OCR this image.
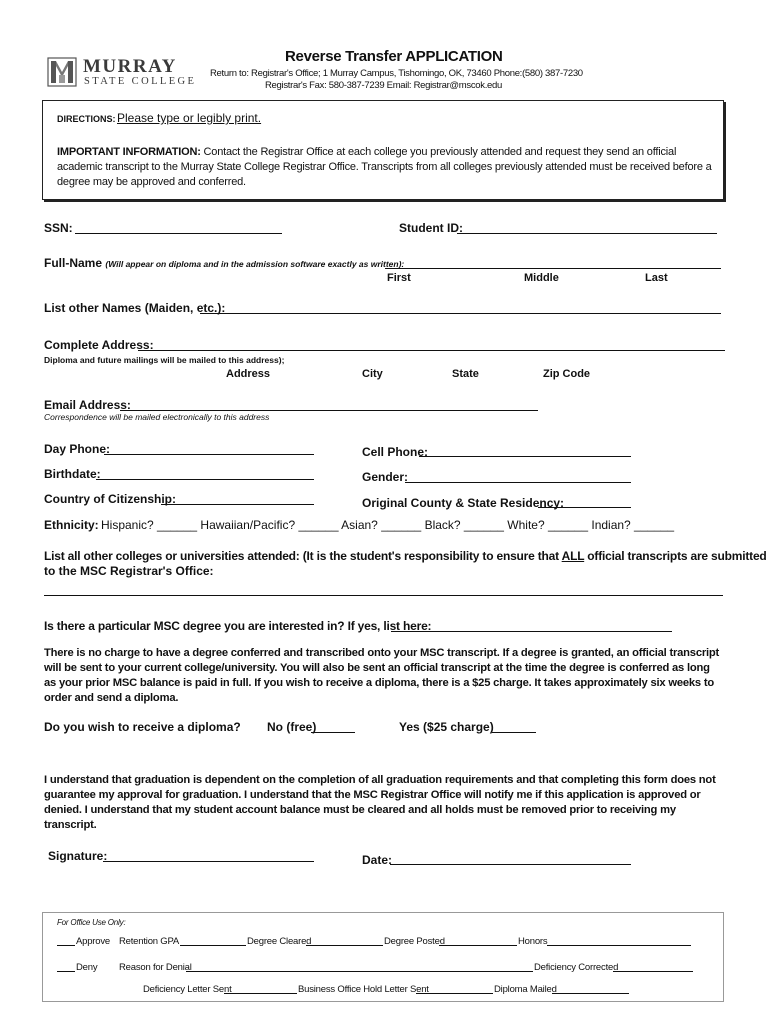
MURRAY
STATE COLLEGE
Reverse Transfer APPLICATION
Return to: Registrar's Office; 1 Murray Campus, Tishomingo, OK, 73460 Phone:(580) 387-7230
Registrar's Fax: 580-387-7239 Email: Registrar@mscok.edu
DIRECTIONS: Please type or legibly print.
IMPORTANT INFORMATION: Contact the Registrar Office at each college you previously attended and request they send an official academic transcript to the Murray State College Registrar Office. Transcripts from all colleges previously attended must be received before a degree may be approved and conferred.
SSN:	Student ID:
Full-Name (Will appear on diploma and in the admission software exactly as written):
First	Middle	Last
List other Names (Maiden, etc.):
Complete Address:
Diploma and future mailings will be mailed to this address);
Address	City	State	Zip Code
Email Address:
Correspondence will be mailed electronically to this address
Day Phone:	Cell Phone:
Birthdate:	Gender:
Country of Citizenship:	Original County & State Residency:
Ethnicity: Hispanic? ______ Hawaiian/Pacific? ______ Asian? ______ Black? ______ White? ______ Indian? ______
List all other colleges or universities attended: (It is the student's responsibility to ensure that ALL official transcripts are submitted
to the MSC Registrar's Office:
Is there a particular MSC degree you are interested in? If yes, list here:
There is no charge to have a degree conferred and transcribed onto your MSC transcript. If a degree is granted, an official transcript will be sent to your current college/university. You will also be sent an official transcript at the time the degree is conferred as long as your prior MSC balance is paid in full. If you wish to receive a diploma, there is a $25 charge. It takes approximately six weeks to order and send a diploma.
Do you wish to receive a diploma? No (free)	Yes ($25 charge)
I understand that graduation is dependent on the completion of all graduation requirements and that completing this form does not guarantee my approval for graduation. I understand that the MSC Registrar Office will notify me if this application is approved or denied. I understand that my student account balance must be cleared and all holds must be removed prior to receiving my transcript.
Signature:	Date:
For Office Use Only:
Approve Retention GPA	Degree Cleared	Degree Posted	Honors
Deny Reason for Denial	Deficiency Corrected
Deficiency Letter Sent	Business Office Hold Letter Sent	Diploma Mailed
